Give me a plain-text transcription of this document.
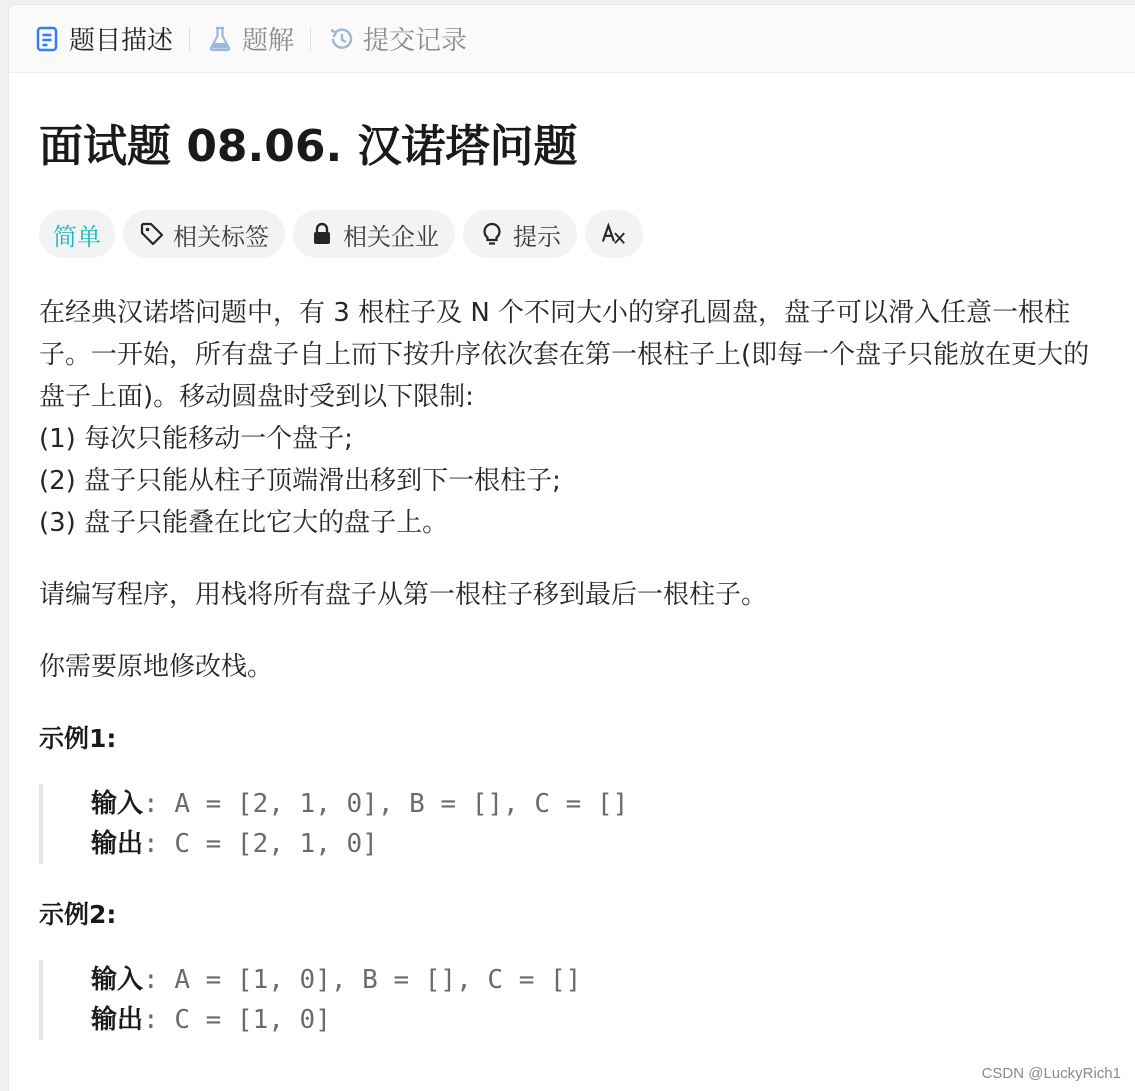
题目描述	题解	提交记录
面试题 08.06. 汉诺塔问题
简单	相关标签	相关企业	提示

在经典汉诺塔问题中，有 3 根柱子及 N 个不同大小的穿孔圆盘，盘子可以滑入任意一根柱子。一开始，所有盘子自上而下按升序依次套在第一根柱子上(即每一个盘子只能放在更大的盘子上面)。移动圆盘时受到以下限制:

(1) 每次只能移动一个盘子;

(2) 盘子只能从柱子顶端滑出移到下一根柱子;

(3) 盘子只能叠在比它大的盘子上。

请编写程序，用栈将所有盘子从第一根柱子移到最后一根柱子。

你需要原地修改栈。

示例1:

输入: A = [2, 1, 0], B = [], C = []
输出: C = [2, 1, 0]

示例2:

输入: A = [1, 0], B = [], C = []
输出: C = [1, 0]
CSDN @LuckyRich1
